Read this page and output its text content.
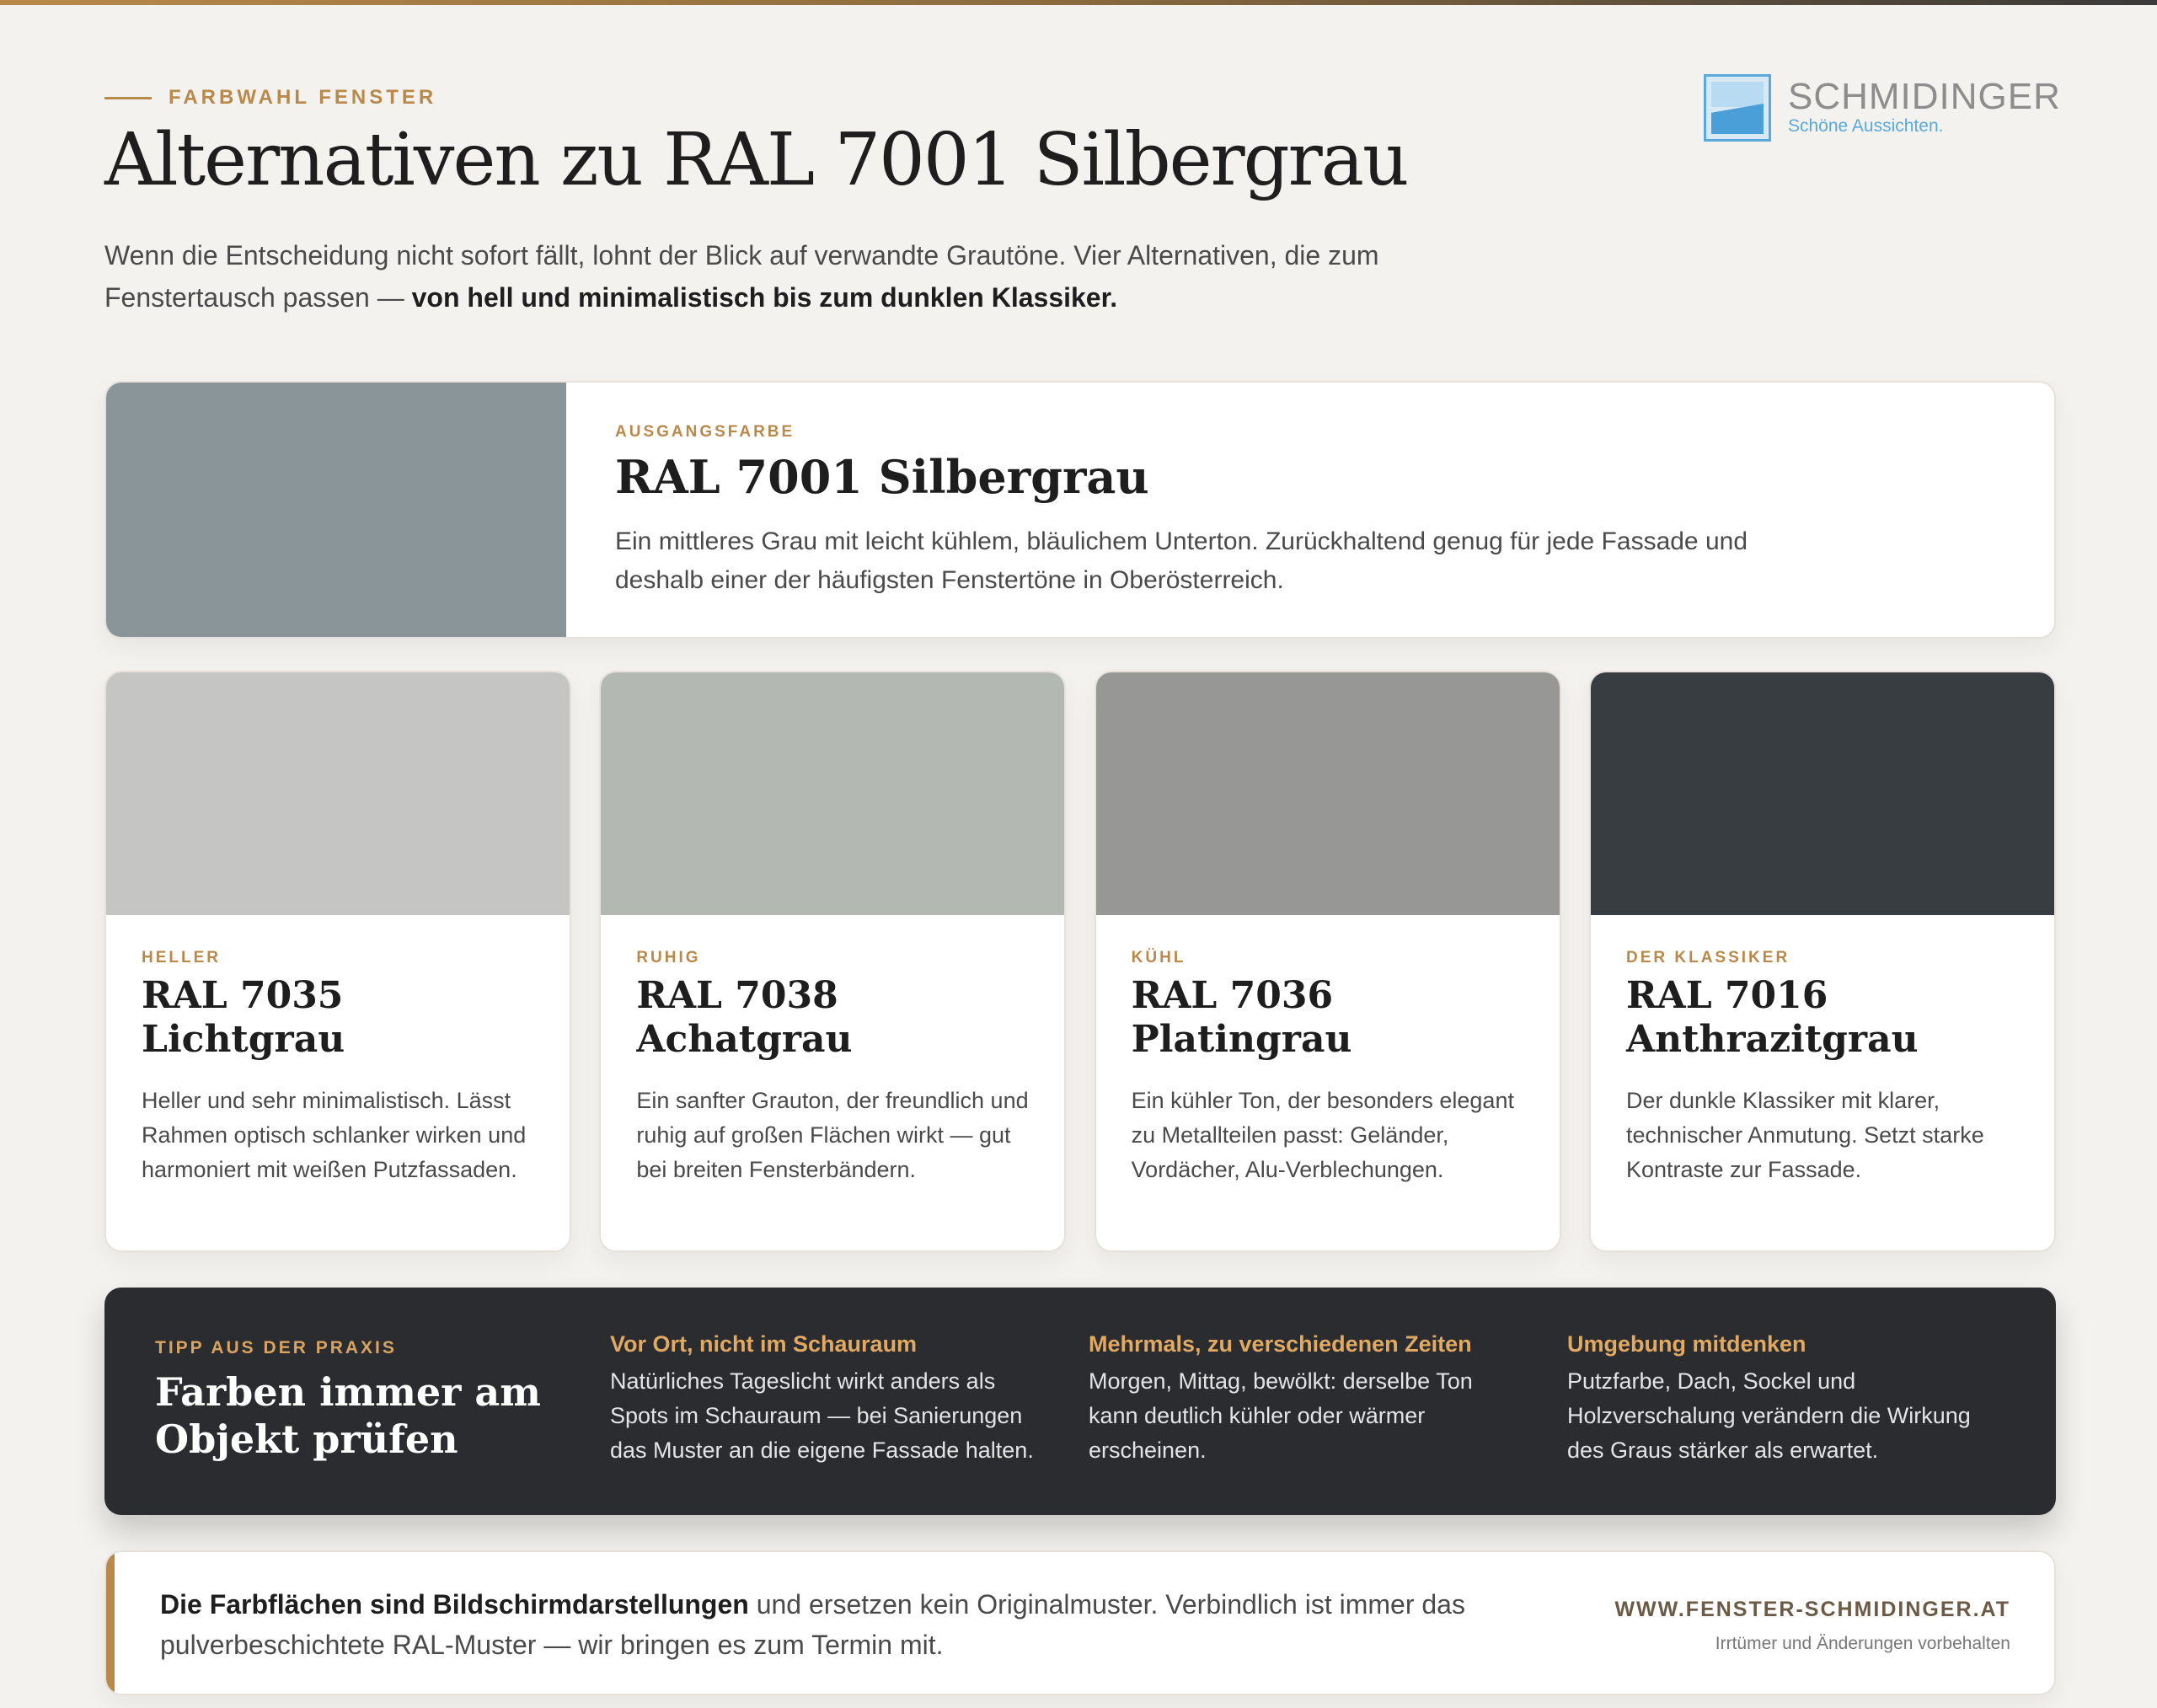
FARBWAHL FENSTER
Alternativen zu RAL 7001 Silbergrau
Wenn die Entscheidung nicht sofort fällt, lohnt der Blick auf verwandte Grautöne. Vier Alternativen, die zum Fenstertausch passen — von hell und minimalistisch bis zum dunklen Klassiker.
SCHMIDINGER
Schöne Aussichten.
AUSGANGSFARBE
RAL 7001 Silbergrau
Ein mittleres Grau mit leicht kühlem, bläulichem Unterton. Zurückhaltend genug für jede Fassade und deshalb einer der häufigsten Fenstertöne in Oberösterreich.
HELLER
RAL 7035
Lichtgrau
Heller und sehr minimalistisch. Lässt Rahmen optisch schlanker wirken und harmoniert mit weißen Putzfassaden.
RUHIG
RAL 7038
Achatgrau
Ein sanfter Grauton, der freundlich und ruhig auf großen Flächen wirkt — gut bei breiten Fensterbändern.
KÜHL
RAL 7036
Platingrau
Ein kühler Ton, der besonders elegant zu Metallteilen passt: Geländer, Vordächer, Alu-Verblechungen.
DER KLASSIKER
RAL 7016
Anthrazitgrau
Der dunkle Klassiker mit klarer, technischer Anmutung. Setzt starke Kontraste zur Fassade.
TIPP AUS DER PRAXIS
Farben immer am Objekt prüfen
Vor Ort, nicht im Schauraum
Natürliches Tageslicht wirkt anders als Spots im Schauraum — bei Sanierungen das Muster an die eigene Fassade halten.
Mehrmals, zu verschiedenen Zeiten
Morgen, Mittag, bewölkt: derselbe Ton kann deutlich kühler oder wärmer erscheinen.
Umgebung mitdenken
Putzfarbe, Dach, Sockel und Holzverschalung verändern die Wirkung des Graus stärker als erwartet.
Die Farbflächen sind Bildschirmdarstellungen und ersetzen kein Originalmuster. Verbindlich ist immer das pulverbeschichtete RAL-Muster — wir bringen es zum Termin mit.
WWW.FENSTER-SCHMIDINGER.AT
Irrtümer und Änderungen vorbehalten
